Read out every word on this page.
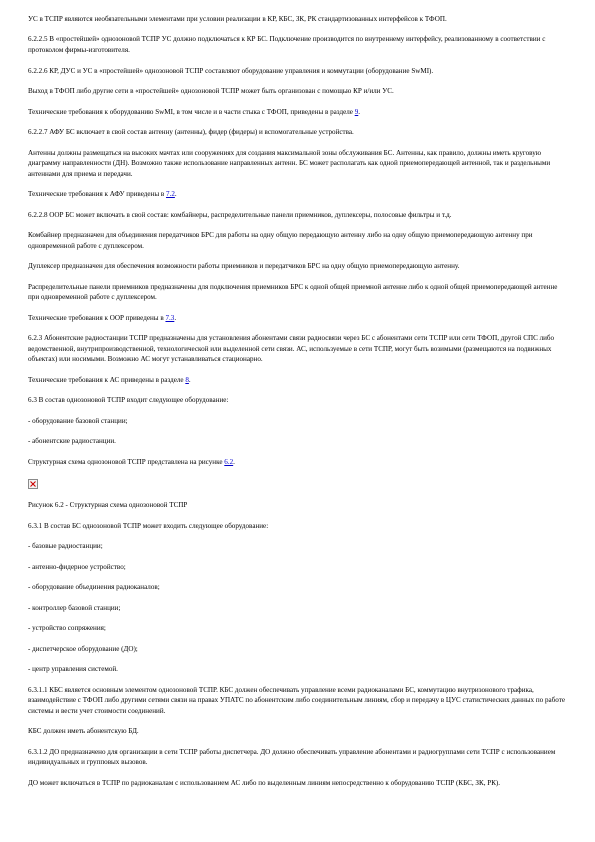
УС в ТСПР являются необязательными элементами при условии реализации в КР, КБС, ЗК, РК стандартизованных интерфейсов к ТФОП.

6.2.2.5 В «простейшей» однозоновой ТСПР УС должно подключаться к КР БС. Подключение производится по внутреннему интерфейсу, реализованному в соответствии с протоколом фирмы-изготовителя.

6.2.2.6 КР, ДУС и УС в «простейшей» однозоновой ТСПР составляют оборудование управления и коммутации (оборудование SwMI).

Выход в ТФОП либо другие сети в «простейшей» однозоновой ТСПР может быть организован с помощью КР и/или УС.

Технические требования к оборудованию SwMI, в том числе и в части стыка с ТФОП, приведены в разделе 9.

6.2.2.7 АФУ БС включает в свой состав антенну (антенны), фидер (фидеры) и вспомогательные устройства.

Антенны должны размещаться на высоких мачтах или сооружениях для создания максимальной зоны обслуживания БС. Антенны, как правило, должны иметь круговую диаграмму направленности (ДН). Возможно также использование направленных антенн. БС может располагать как одной приемопередающей антенной, так и раздельными антеннами для приема и передачи.

Технические требования к АФУ приведены в 7.2.

6.2.2.8 ООР БС может включать в свой состав: комбайнеры, распределительные панели приемников, дуплексеры, полосовые фильтры и т.д.

Комбайнер предназначен для объединения передатчиков БРС для работы на одну общую передающую антенну либо на одну общую приемопередающую антенну при одновременной работе с дуплексером.

Дуплексер предназначен для обеспечения возможности работы приемников и передатчиков БРС на одну общую приемопередающую антенну.

Распределительные панели приемников предназначены для подключения приемников БРС к одной общей приемной антенне либо к одной общей приемопередающей антенне при одновременной работе с дуплексером.

Технические требования к ООР приведены в 7.3.

6.2.3 Абонентские радиостанции ТСПР предназначены для установления абонентами связи радиосвязи через БС с абонентами сети ТСПР или сети ТФОП, другой СПС либо ведомственной, внутрипроизводственной, технологической или выделенной сети связи. АС, используемые в сети ТСПР, могут быть возимыми (размещаются на подвижных объектах) или носимыми. Возможно АС могут устанавливаться стационарно.

Технические требования к АС приведены в разделе 8.

6.3 В состав однозоновой ТСПР входит следующее оборудование:

- оборудование базовой станции;

- абонентские радиостанции.

Структурная схема однозоновой ТСПР представлена на рисунке 6.2.

Рисунок 6.2 - Структурная схема однозоновой ТСПР

6.3.1 В состав БС однозоновой ТСПР может входить следующее оборудование:

- базовые радиостанции;

- антенно-фидерное устройство;

- оборудование объединения радиоканалов;

- контроллер базовой станции;

- устройство сопряжения;

- диспетчерское оборудование (ДО);

- центр управления системой.

6.3.1.1 КБС является основным элементом однозоновой ТСПР. КБС должен обеспечивать управление всеми радиоканалами БС, коммутацию внутризонового трафика, взаимодействие с ТФОП либо другими сетями связи на правах УПАТС по абонентским либо соединительным линиям, сбор и передачу в ЦУС статистических данных по работе системы и вести учет стоимости соединений.

КБС должен иметь абонентскую БД.

6.3.1.2 ДО предназначено для организации в сети ТСПР работы диспетчера. ДО должно обеспечивать управление абонентами и радиогруппами сети ТСПР с использованием индивидуальных и групповых вызовов.

ДО может включаться в ТСПР по радиоканалам с использованием АС либо по выделенным линиям непосредственно к оборудованию ТСПР (КБС, ЗК, РК).
